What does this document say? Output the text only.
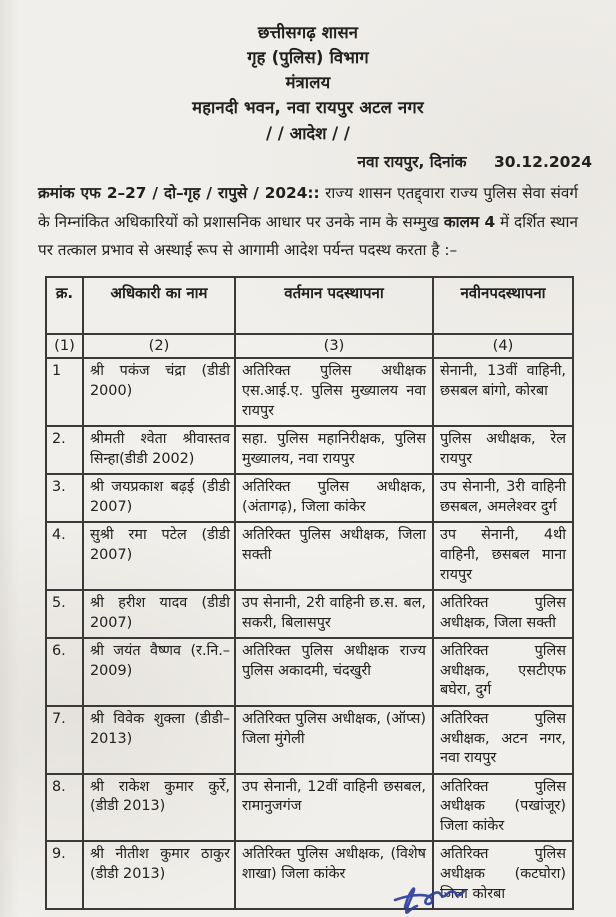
छत्तीसगढ़ शासन
गृह (पुलिस) विभाग
मंत्रालय
महानदी भवन, नवा रायपुर अटल नगर
/ / आदेश / /
नवा रायपुर, दिनांक 30.12.2024
क्रमांक एफ 2–27 / दो–गृह / रापुसे / 2024:: राज्य शासन एतद्द्वारा राज्य पुलिस सेवा संवर्ग के निम्नांकित अधिकारियों को प्रशासनिक आधार पर उनके नाम के सम्मुख कालम 4 में दर्शित स्थान पर तत्काल प्रभाव से अस्थाई रूप से आगामी आदेश पर्यन्त पदस्थ करता है :–
क्र.	अधिकारी का नाम	वर्तमान पदस्थापना	नवीनपदस्थापना
(1)	(2)	(3)	(4)
1	श्री पकंज चंद्रा (डीडी 2000)	अतिरिक्त पुलिस अधीक्षक एस.आई.ए. पुलिस मुख्यालय नवा रायपुर	सेनानी, 13वीं वाहिनी, छसबल बांगो, कोरबा
2.	श्रीमती श्वेता श्रीवास्तव सिन्हा(डीडी 2002)	सहा. पुलिस महानिरीक्षक, पुलिस मुख्यालय, नवा रायपुर	पुलिस अधीक्षक, रेल रायपुर
3.	श्री जयप्रकाश बढ़ई (डीडी 2007)	अतिरिक्त पुलिस अधीक्षक, (अंतागढ़), जिला कांकेर	उप सेनानी, 3री वाहिनी छसबल, अमलेश्वर दुर्ग
4.	सुश्री रमा पटेल (डीडी 2007)	अतिरिक्त पुलिस अधीक्षक, जिला सक्ती	उप सेनानी, 4थी वाहिनी, छसबल माना रायपुर
5.	श्री हरीश यादव (डीडी 2007)	उप सेनानी, 2री वाहिनी छ.स. बल, सकरी, बिलासपुर	अतिरिक्त पुलिस अधीक्षक, जिला सक्ती
6.	श्री जयंत वैष्णव (र.नि.–2009)	अतिरिक्त पुलिस अधीक्षक राज्य पुलिस अकादमी, चंदखुरी	अतिरिक्त पुलिस अधीक्षक, एसटीएफ बघेरा, दुर्ग
7.	श्री विवेक शुक्ला (डीडी–2013)	अतिरिक्त पुलिस अधीक्षक, (ऑप्स) जिला मुंगेली	अतिरिक्त पुलिस अधीक्षक, अटन नगर, नवा रायपुर
8.	श्री राकेश कुमार कुर्रे, (डीडी 2013)	उप सेनानी, 12वीं वाहिनी छसबल, रामानुजगंज	अतिरिक्त पुलिस अधीक्षक (पखांजूर) जिला कांकेर
9.	श्री नीतीश कुमार ठाकुर (डीडी 2013)	अतिरिक्त पुलिस अधीक्षक, (विशेष शाखा) जिला कांकेर	अतिरिक्त पुलिस अधीक्षक (कटघोरा) जिला कोरबा
